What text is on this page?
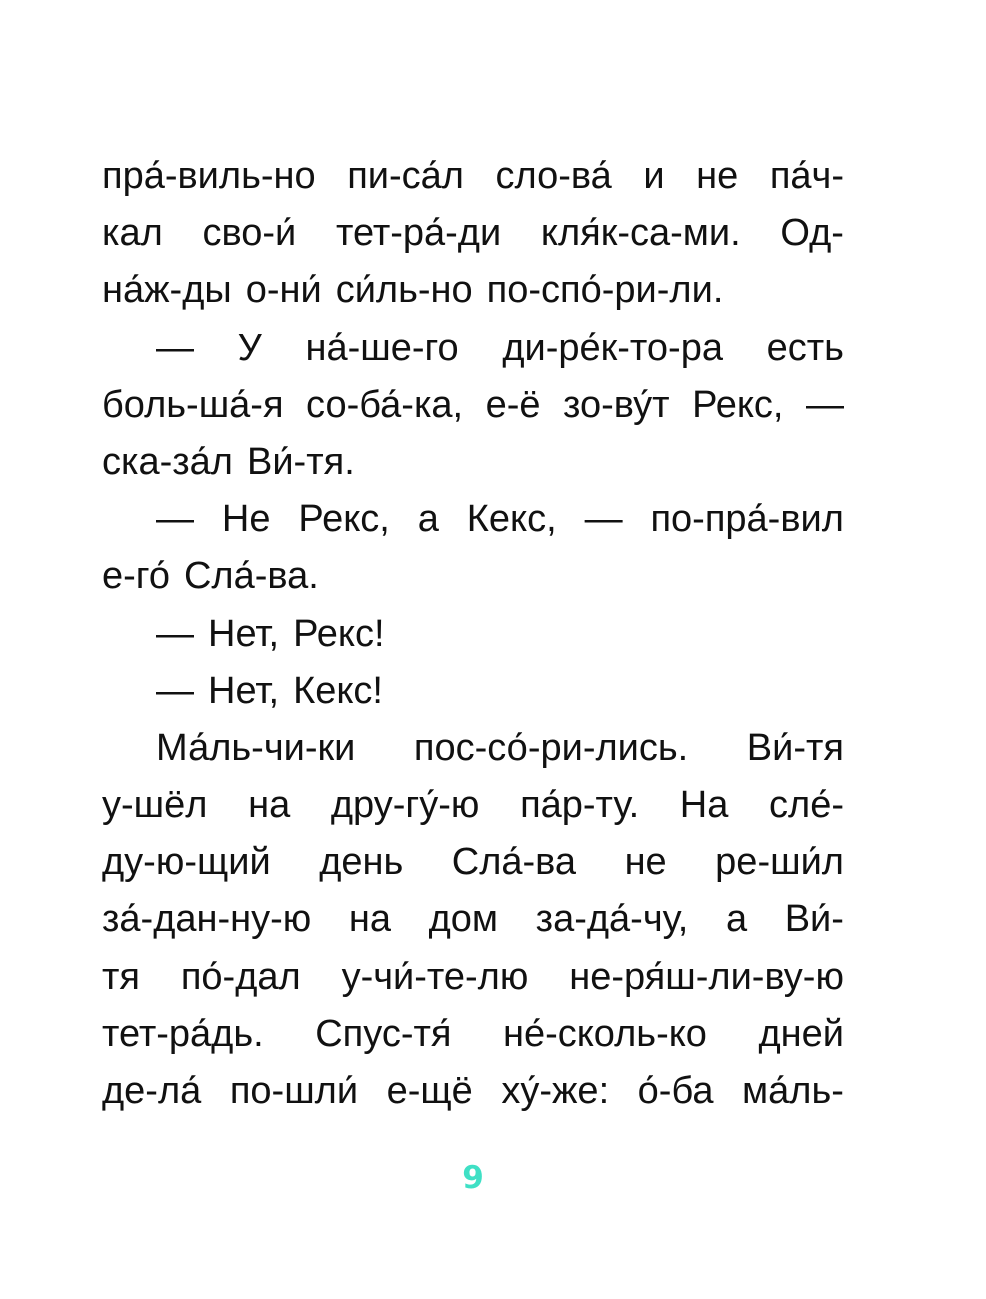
пра́-виль-но пи-са́л сло-ва́ и не па́ч-
кал сво-и́ тет-ра́-ди кля́к-са-ми. Од-
на́ж-ды о-ни́ си́ль-но по-спо́-ри-ли.
— У на́-ше-го ди-ре́к-то-ра есть
боль-ша́-я со-ба́-ка, е-ё зо-ву́т Рекс, —
ска-за́л Ви́-тя.
— Не Рекс, а Кекс, — по-пра́-вил
е-го́ Сла́-ва.
— Нет, Рекс!
— Нет, Кекс!
Ма́ль-чи-ки пос-со́-ри-лись. Ви́-тя
у-шёл на дру-гу́-ю па́р-ту. На сле́-
ду-ю-щий день Сла́-ва не ре-ши́л
за́-дан-ну-ю на дом за-да́-чу, а Ви́-
тя по́-дал у-чи́-те-лю не-ря́ш-ли-ву-ю
тет-ра́дь. Спус-тя́ не́-сколь-ко дней
де-ла́ по-шли́ е-щё ху́-же: о́-ба ма́ль-
9
